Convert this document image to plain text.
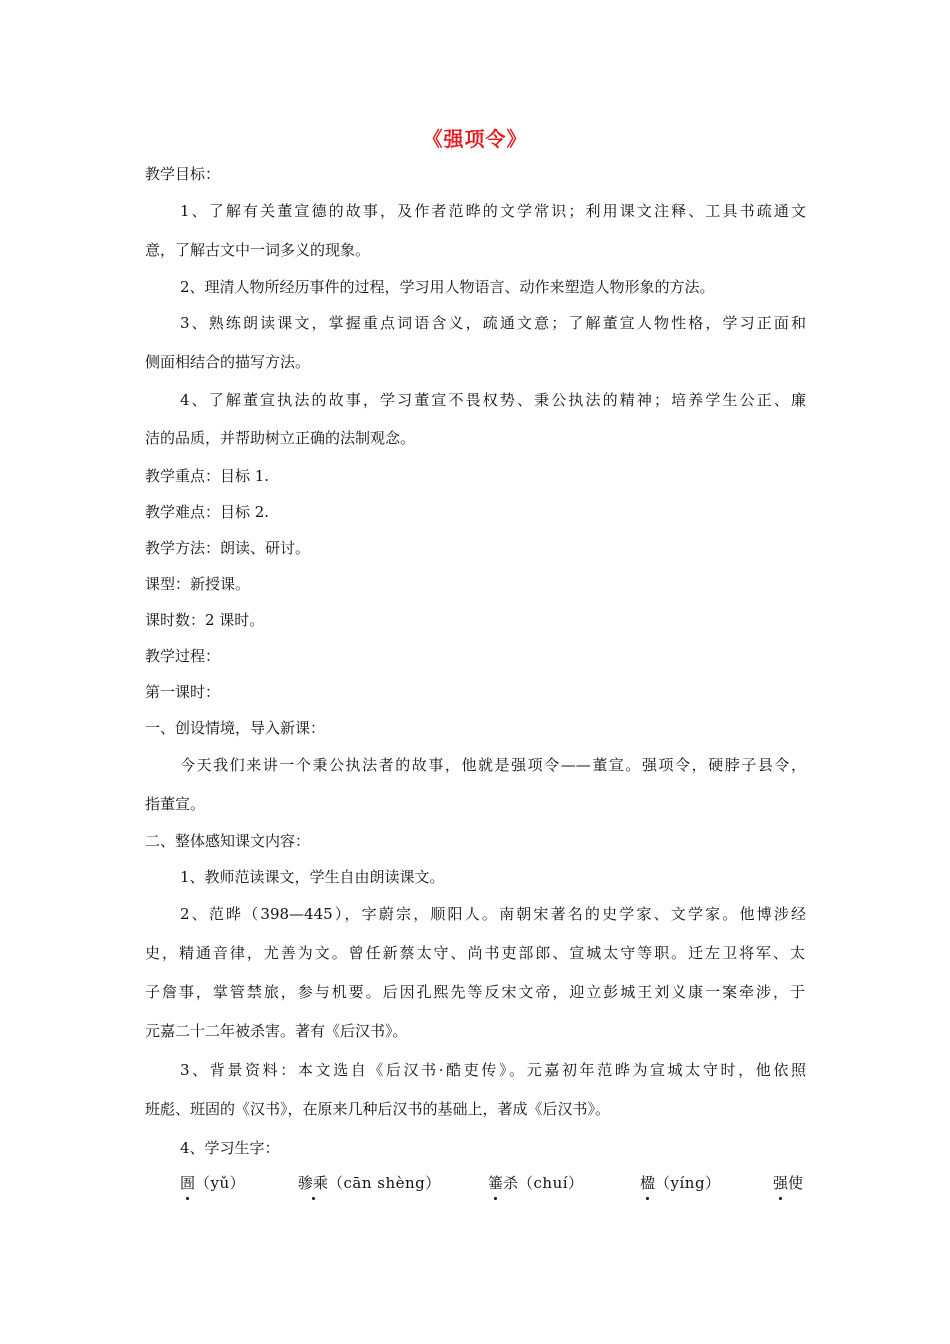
《强项令》
教学目标：
1、了解有关董宣德的故事，及作者范晔的文学常识；利用课文注释、工具书疏通文
意，了解古文中一词多义的现象。
2、理清人物所经历事件的过程，学习用人物语言、动作来塑造人物形象的方法。
3、熟练朗读课文，掌握重点词语含义，疏通文意；了解董宣人物性格，学习正面和
侧面相结合的描写方法。
4、了解董宣执法的故事，学习董宣不畏权势、秉公执法的精神；培养学生公正、廉
洁的品质，并帮助树立正确的法制观念。
教学重点：目标 1.
教学难点：目标 2.
教学方法：朗读、研讨。
课型：新授课。
课时数：2 课时。
教学过程：
第一课时：
一、创设情境，导入新课：
今天我们来讲一个秉公执法者的故事，他就是强项令——董宣。强项令，硬脖子县令，
指董宣。
二、整体感知课文内容：
1、教师范读课文，学生自由朗读课文。
2、范晔（398—445），字蔚宗，顺阳人。南朝宋著名的史学家、文学家。他博涉经
史，精通音律，尤善为文。曾任新蔡太守、尚书吏部郎、宣城太守等职。迁左卫将军、太
子詹事，掌管禁旅，参与机要。后因孔熙先等反宋文帝，迎立彭城王刘义康一案牵涉，于
元嘉二十二年被杀害。著有《后汉书》。
3、背景资料：本文选自《后汉书·酷吏传》。元嘉初年范晔为宣城太守时，他依照
班彪、班固的《汉书》，在原来几种后汉书的基础上，著成《后汉书》。
4、学习生字：
圄（yǔ）	骖乘（cān shèng）	箠杀（chuí）	楹（yíng）	强使
